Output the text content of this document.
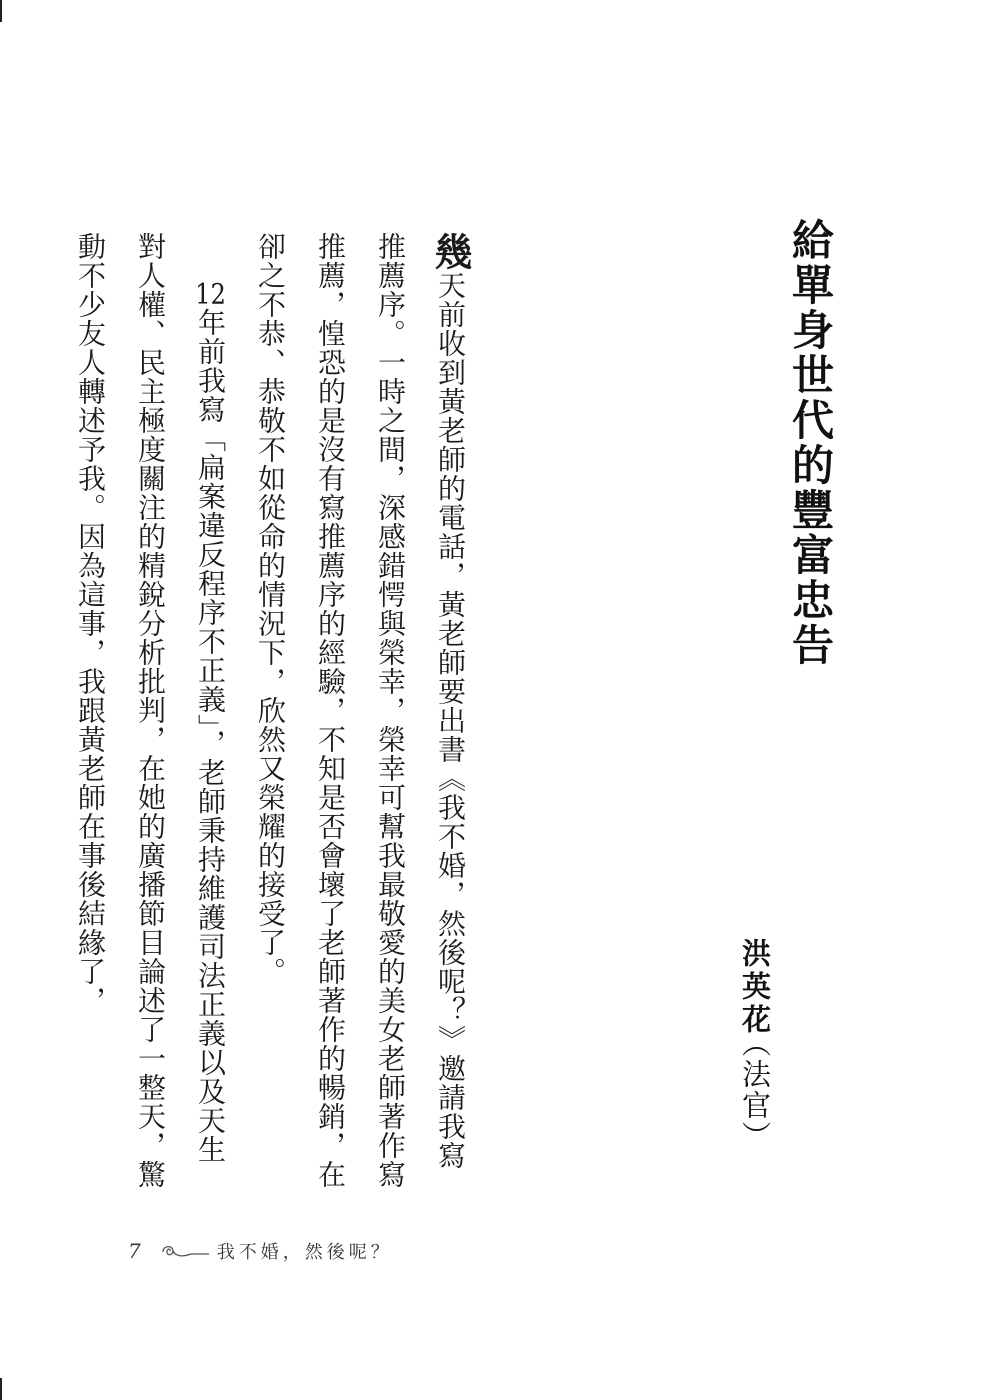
給單身世代的豐富忠告
洪英花
（法官）

幾天前收到黃老師的電話，黃老師要出書《我不婚，然後呢？》邀請我寫推薦序。一時之間，深感錯愕與榮幸，榮幸可幫我最敬愛的美女老師著作寫推薦，惶恐的是沒有寫推薦序的經驗，不知是否會壞了老師著作的暢銷，在卻之不恭、恭敬不如從命的情況下，欣然又榮耀的接受了。

12年前我寫「扁案違反程序不正義」，老師秉持維護司法正義以及天生對人權、民主極度關注的精銳分析批判，在她的廣播節目論述了一整天，驚動不少友人轉述予我。因為這事，我跟黃老師在事後結緣了，

7	我不婚，然後呢？
